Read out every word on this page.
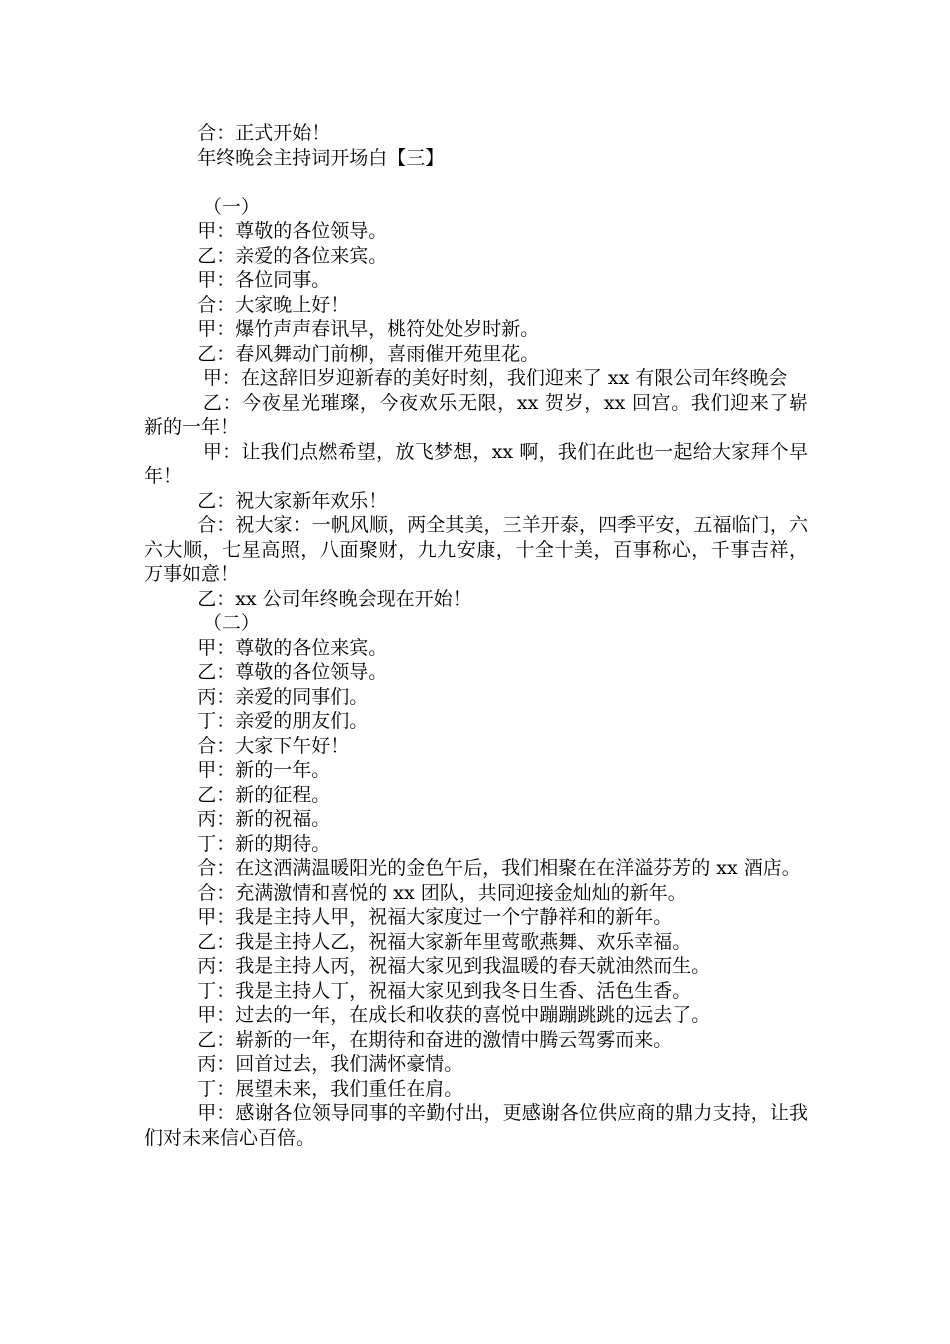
合：正式开始！

年终晚会主持词开场白【三】

（一）

甲：尊敬的各位领导。

乙：亲爱的各位来宾。

甲：各位同事。

合：大家晚上好！

甲：爆竹声声春讯早，桃符处处岁时新。

乙：春风舞动门前柳，喜雨催开苑里花。

甲：在这辞旧岁迎新春的美好时刻，我们迎来了 xx 有限公司年终晚会

乙：今夜星光璀璨，今夜欢乐无限，xx 贺岁，xx 回宫。我们迎来了崭新的一年！

甲：让我们点燃希望，放飞梦想，xx 啊，我们在此也一起给大家拜个早年！

乙：祝大家新年欢乐！

合：祝大家：一帆风顺，两全其美，三羊开泰，四季平安，五福临门，六六大顺，七星高照，八面聚财，九九安康，十全十美，百事称心，千事吉祥，万事如意！

乙：xx 公司年终晚会现在开始！

（二）

甲：尊敬的各位来宾。

乙：尊敬的各位领导。

丙：亲爱的同事们。

丁：亲爱的朋友们。

合：大家下午好！

甲：新的一年。

乙：新的征程。

丙：新的祝福。

丁：新的期待。

合：在这洒满温暖阳光的金色午后，我们相聚在在洋溢芬芳的 xx 酒店。

合：充满激情和喜悦的 xx 团队，共同迎接金灿灿的新年。

甲：我是主持人甲，祝福大家度过一个宁静祥和的新年。

乙：我是主持人乙，祝福大家新年里莺歌燕舞、欢乐幸福。

丙：我是主持人丙，祝福大家见到我温暖的春天就油然而生。

丁：我是主持人丁，祝福大家见到我冬日生香、活色生香。

甲：过去的一年，在成长和收获的喜悦中蹦蹦跳跳的远去了。

乙：崭新的一年，在期待和奋进的激情中腾云驾雾而来。

丙：回首过去，我们满怀豪情。

丁：展望未来，我们重任在肩。

甲：感谢各位领导同事的辛勤付出，更感谢各位供应商的鼎力支持，让我们对未来信心百倍。
